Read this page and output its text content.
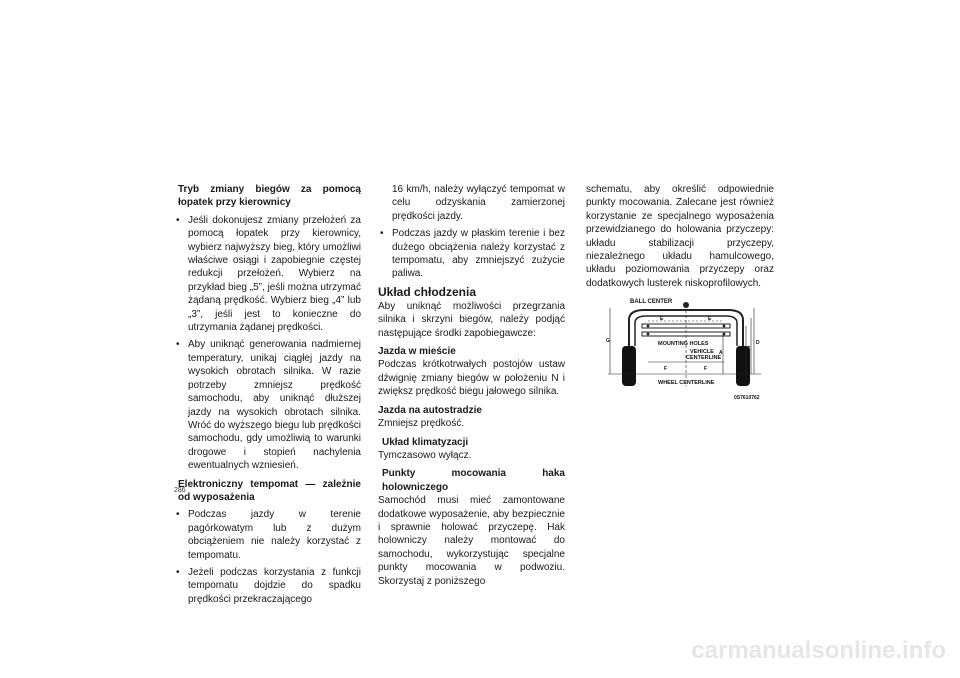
Tryb zmiany biegów za pomocą łopatek przy kierownicy

• Jeśli dokonujesz zmiany przełożeń za pomocą łopatek przy kierownicy, wybierz najwyższy bieg, który umożliwi właściwe osiągi i zapobiegnie częstej redukcji przełożeń. Wybierz na przykład bieg „5”, jeśli można utrzymać żądaną prędkość. Wybierz bieg „4” lub „3”, jeśli jest to konieczne do utrzymania żądanej prędkości.
• Aby uniknąć generowania nadmiernej temperatury, unikaj ciągłej jazdy na wysokich obrotach silnika. W razie potrzeby zmniejsz prędkość samochodu, aby uniknąć dłuższej jazdy na wysokich obrotach silnika. Wróć do wyższego biegu lub prędkości samochodu, gdy umożliwią to warunki drogowe i stopień nachylenia ewentualnych wzniesień.

Elektroniczny tempomat — zależnie od wyposażenia

• Podczas jazdy w terenie pagórkowatym lub z dużym obciążeniem nie należy korzystać z tempomatu.
• Jeżeli podczas korzystania z funkcji tempomatu dojdzie do spadku prędkości przekraczającego
16 km/h, należy wyłączyć tempomat w celu odzyskania zamierzonej prędkości jazdy.
• Podczas jazdy w płaskim terenie i bez dużego obciążenia należy korzystać z tempomatu, aby zmniejszyć zużycie paliwa.

Układ chłodzenia

Aby uniknąć możliwości przegrzania silnika i skrzyni biegów, należy podjąć następujące środki zapobiegawcze:

Jazda w mieście

Podczas krótkotrwałych postojów ustaw dźwignię zmiany biegów w położeniu N i zwiększ prędkość biegu jałowego silnika.

Jazda na autostradzie

Zmniejsz prędkość.

Układ klimatyzacji

Tymczasowo wyłącz.

Punkty mocowania haka holowniczego

Samochód musi mieć zamontowane dodatkowe wyposażenie, aby bezpiecznie i sprawnie holować przyczepę. Hak holowniczy należy montować do samochodu, wykorzystując specjalne punkty mocowania w podwoziu. Skorzystaj z poniższego

schematu, aby określić odpowiednie punkty mocowania. Zalecane jest również korzystanie ze specjalnego wyposażenia przewidzianego do holowania przyczepy: układu stabilizacji przyczepy, niezależnego układu hamulcowego, układu poziomowania przyczepy oraz dodatkowych lusterek niskoprofilowych.

BALL CENTER
MOUNTING HOLES
VEHICLE
CENTERLINE
WHEEL CENTERLINE
G
E	E
F	F
A
B
C
D
0S7610762
286
carmanualsonline.info
